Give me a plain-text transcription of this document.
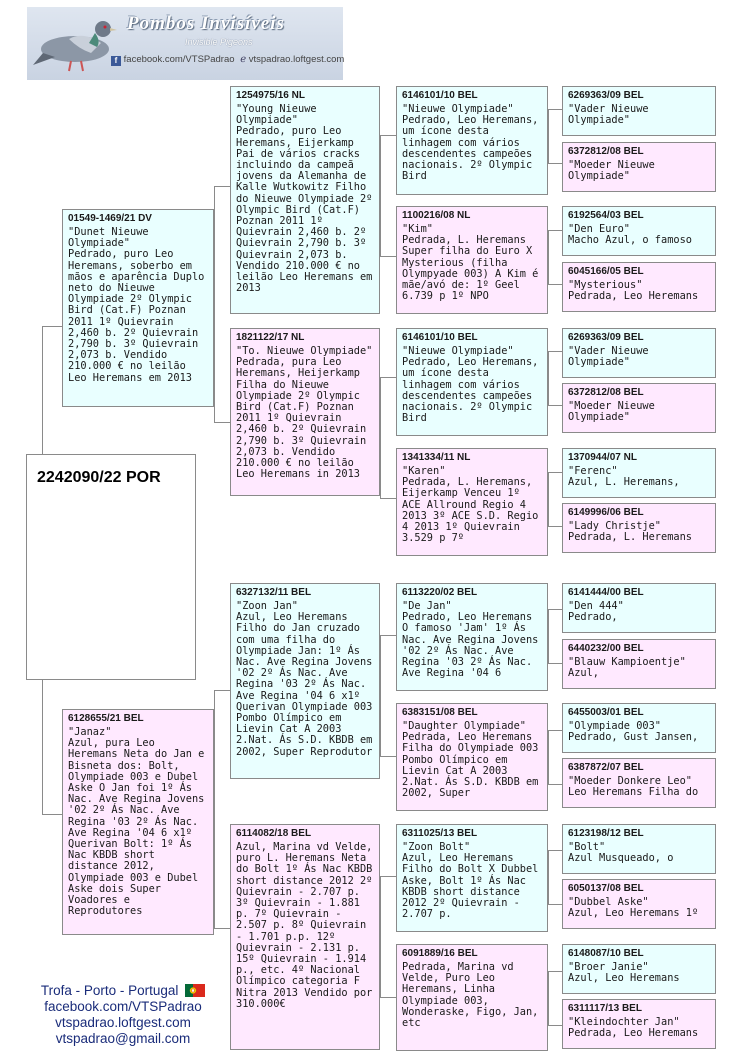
Pombos Invisíveis
Invisible Pigeons
f facebook.com/VTSPadrao ℯ vtspadrao.loftgest.com
2242090/22 POR
01549-1469/21 DV
"Dunet Nieuwe Olympiade"
Pedrado, puro Leo Heremans, soberbo em mãos e aparência Duplo neto do Nieuwe Olympiade 2º Olympic Bird (Cat.F) Poznan 2011 1º Quievrain 2,460 b. 2º Quievrain 2,790 b. 3º Quievrain 2,073 b. Vendido 210.000 € no leilão Leo Heremans em 2013
6128655/21 BEL
"Janaz"
Azul, pura Leo Heremans Neta do Jan e Bisneta dos: Bolt, Olympiade 003 e Dubel Aske O Jan foi 1º Ás Nac. Ave Regina Jovens '02 2º Ás Nac. Ave Regina '03 2º Ás Nac. Ave Regina '04 6 x1º Querivan Bolt: 1º Ás Nac KBDB short distance 2012, Olympiade 003 e Dubel Aske dois Super Voadores e Reprodutores
1254975/16 NL
"Young Nieuwe Olympiade"
Pedrado, puro Leo Heremans, Eijerkamp Pai de vários cracks incluindo da campeã jovens da Alemanha de Kalle Wutkowitz Filho do Nieuwe Olympiade 2º Olympic Bird (Cat.F) Poznan 2011 1º Quievrain 2,460 b. 2º Quievrain 2,790 b. 3º Quievrain 2,073 b. Vendido 210.000 € no leilão Leo Heremans em 2013
1821122/17 NL
"To. Nieuwe Olympiade"
Pedrada, pura Leo Heremans, Heijerkamp Filha do Nieuwe Olympiade 2º Olympic Bird (Cat.F) Poznan 2011 1º Quievrain 2,460 b. 2º Quievrain 2,790 b. 3º Quievrain 2,073 b. Vendido 210.000 € no leilão Leo Heremans in 2013
6327132/11 BEL
"Zoon Jan"
Azul, Leo Heremans Filho do Jan cruzado com uma filha do Olympiade Jan: 1º Ás Nac. Ave Regina Jovens '02 2º Ás Nac. Ave Regina '03 2º Ás Nac. Ave Regina '04 6 x1º Querivan Olympiade 003 Pombo Olímpico em Lievin Cat A 2003 2.Nat. Ás S.D. KBDB em 2002, Super Reprodutor
6114082/18 BEL
Azul, Marina vd Velde, puro L. Heremans Neta do Bolt 1º Ás Nac KBDB short distance 2012 2º Quievrain - 2.707 p. 3º Quievrain - 1.881 p. 7º Quievrain - 2.507 p. 8º Quievrain - 1.701 p.p. 12º Quievrain - 2.131 p. 15º Quievrain - 1.914 p., etc. 4º Nacional Olímpico categoria F Nitra 2013 Vendido por 310.000€
6146101/10 BEL
"Nieuwe Olympiade"
Pedrado, Leo Heremans, um ícone desta linhagem com vários descendentes campeões nacionais. 2º Olympic Bird
1100216/08 NL
"Kim"
Pedrada, L. Heremans Super filha do Euro X Mysterious (filha Olympyade 003) A Kim é mãe/avó de: 1º Geel 6.739 p 1º NPO
6146101/10 BEL
"Nieuwe Olympiade"
Pedrado, Leo Heremans, um ícone desta linhagem com vários descendentes campeões nacionais. 2º Olympic Bird
1341334/11 NL
"Karen"
Pedrada, L. Heremans, Eijerkamp Venceu 1º ACE Allround Regio 4 2013 3º ACE S.D. Regio 4 2013 1º Quievrain 3.529 p 7º
6113220/02 BEL
"De Jan"
Pedrado, Leo Heremans O famoso 'Jam' 1º Ás Nac. Ave Regina Jovens '02 2º Ás Nac. Ave Regina '03 2º Ás Nac. Ave Regina '04 6
6383151/08 BEL
"Daughter Olympiade"
Pedrada, Leo Heremans Filha do Olympiade 003 Pombo Olímpico em Lievin Cat A 2003 2.Nat. Ás S.D. KBDB em 2002, Super
6311025/13 BEL
"Zoon Bolt"
Azul, Leo Heremans Filho do Bolt X Dubbel Aske, Bolt 1º Ás Nac KBDB short distance 2012 2º Quievrain - 2.707 p.
6091889/16 BEL
Pedrada, Marina vd Velde, Puro Leo Heremans, Linha Olympiade 003, Wonderaske, Figo, Jan, etc
6269363/09 BEL
"Vader Nieuwe Olympiade"
6372812/08 BEL
"Moeder Nieuwe Olympiade"
6192564/03 BEL
"Den Euro"
Macho Azul, o famoso
6045166/05 BEL
"Mysterious"
Pedrada, Leo Heremans
6269363/09 BEL
"Vader Nieuwe Olympiade"
6372812/08 BEL
"Moeder Nieuwe Olympiade"
1370944/07 NL
"Ferenc"
Azul, L. Heremans,
6149996/06 BEL
"Lady Christje"
Pedrada, L. Heremans
6141444/00 BEL
"Den 444"
Pedrado,
6440232/00 BEL
"Blauw Kampioentje"
Azul,
6455003/01 BEL
"Olympiade 003"
Pedrado, Gust Jansen,
6387872/07 BEL
"Moeder Donkere Leo"
Leo Heremans Filha do
6123198/12 BEL
"Bolt"
Azul Musqueado, o
6050137/08 BEL
"Dubbel Aske"
Azul, Leo Heremans 1º
6148087/10 BEL
"Broer Janie"
Azul, Leo Heremans
6311117/13 BEL
"Kleindochter Jan"
Pedrada, Leo Heremans
Trofa - Porto - Portugal
facebook.com/VTSPadrao
vtspadrao.loftgest.com
vtspadrao@gmail.com
